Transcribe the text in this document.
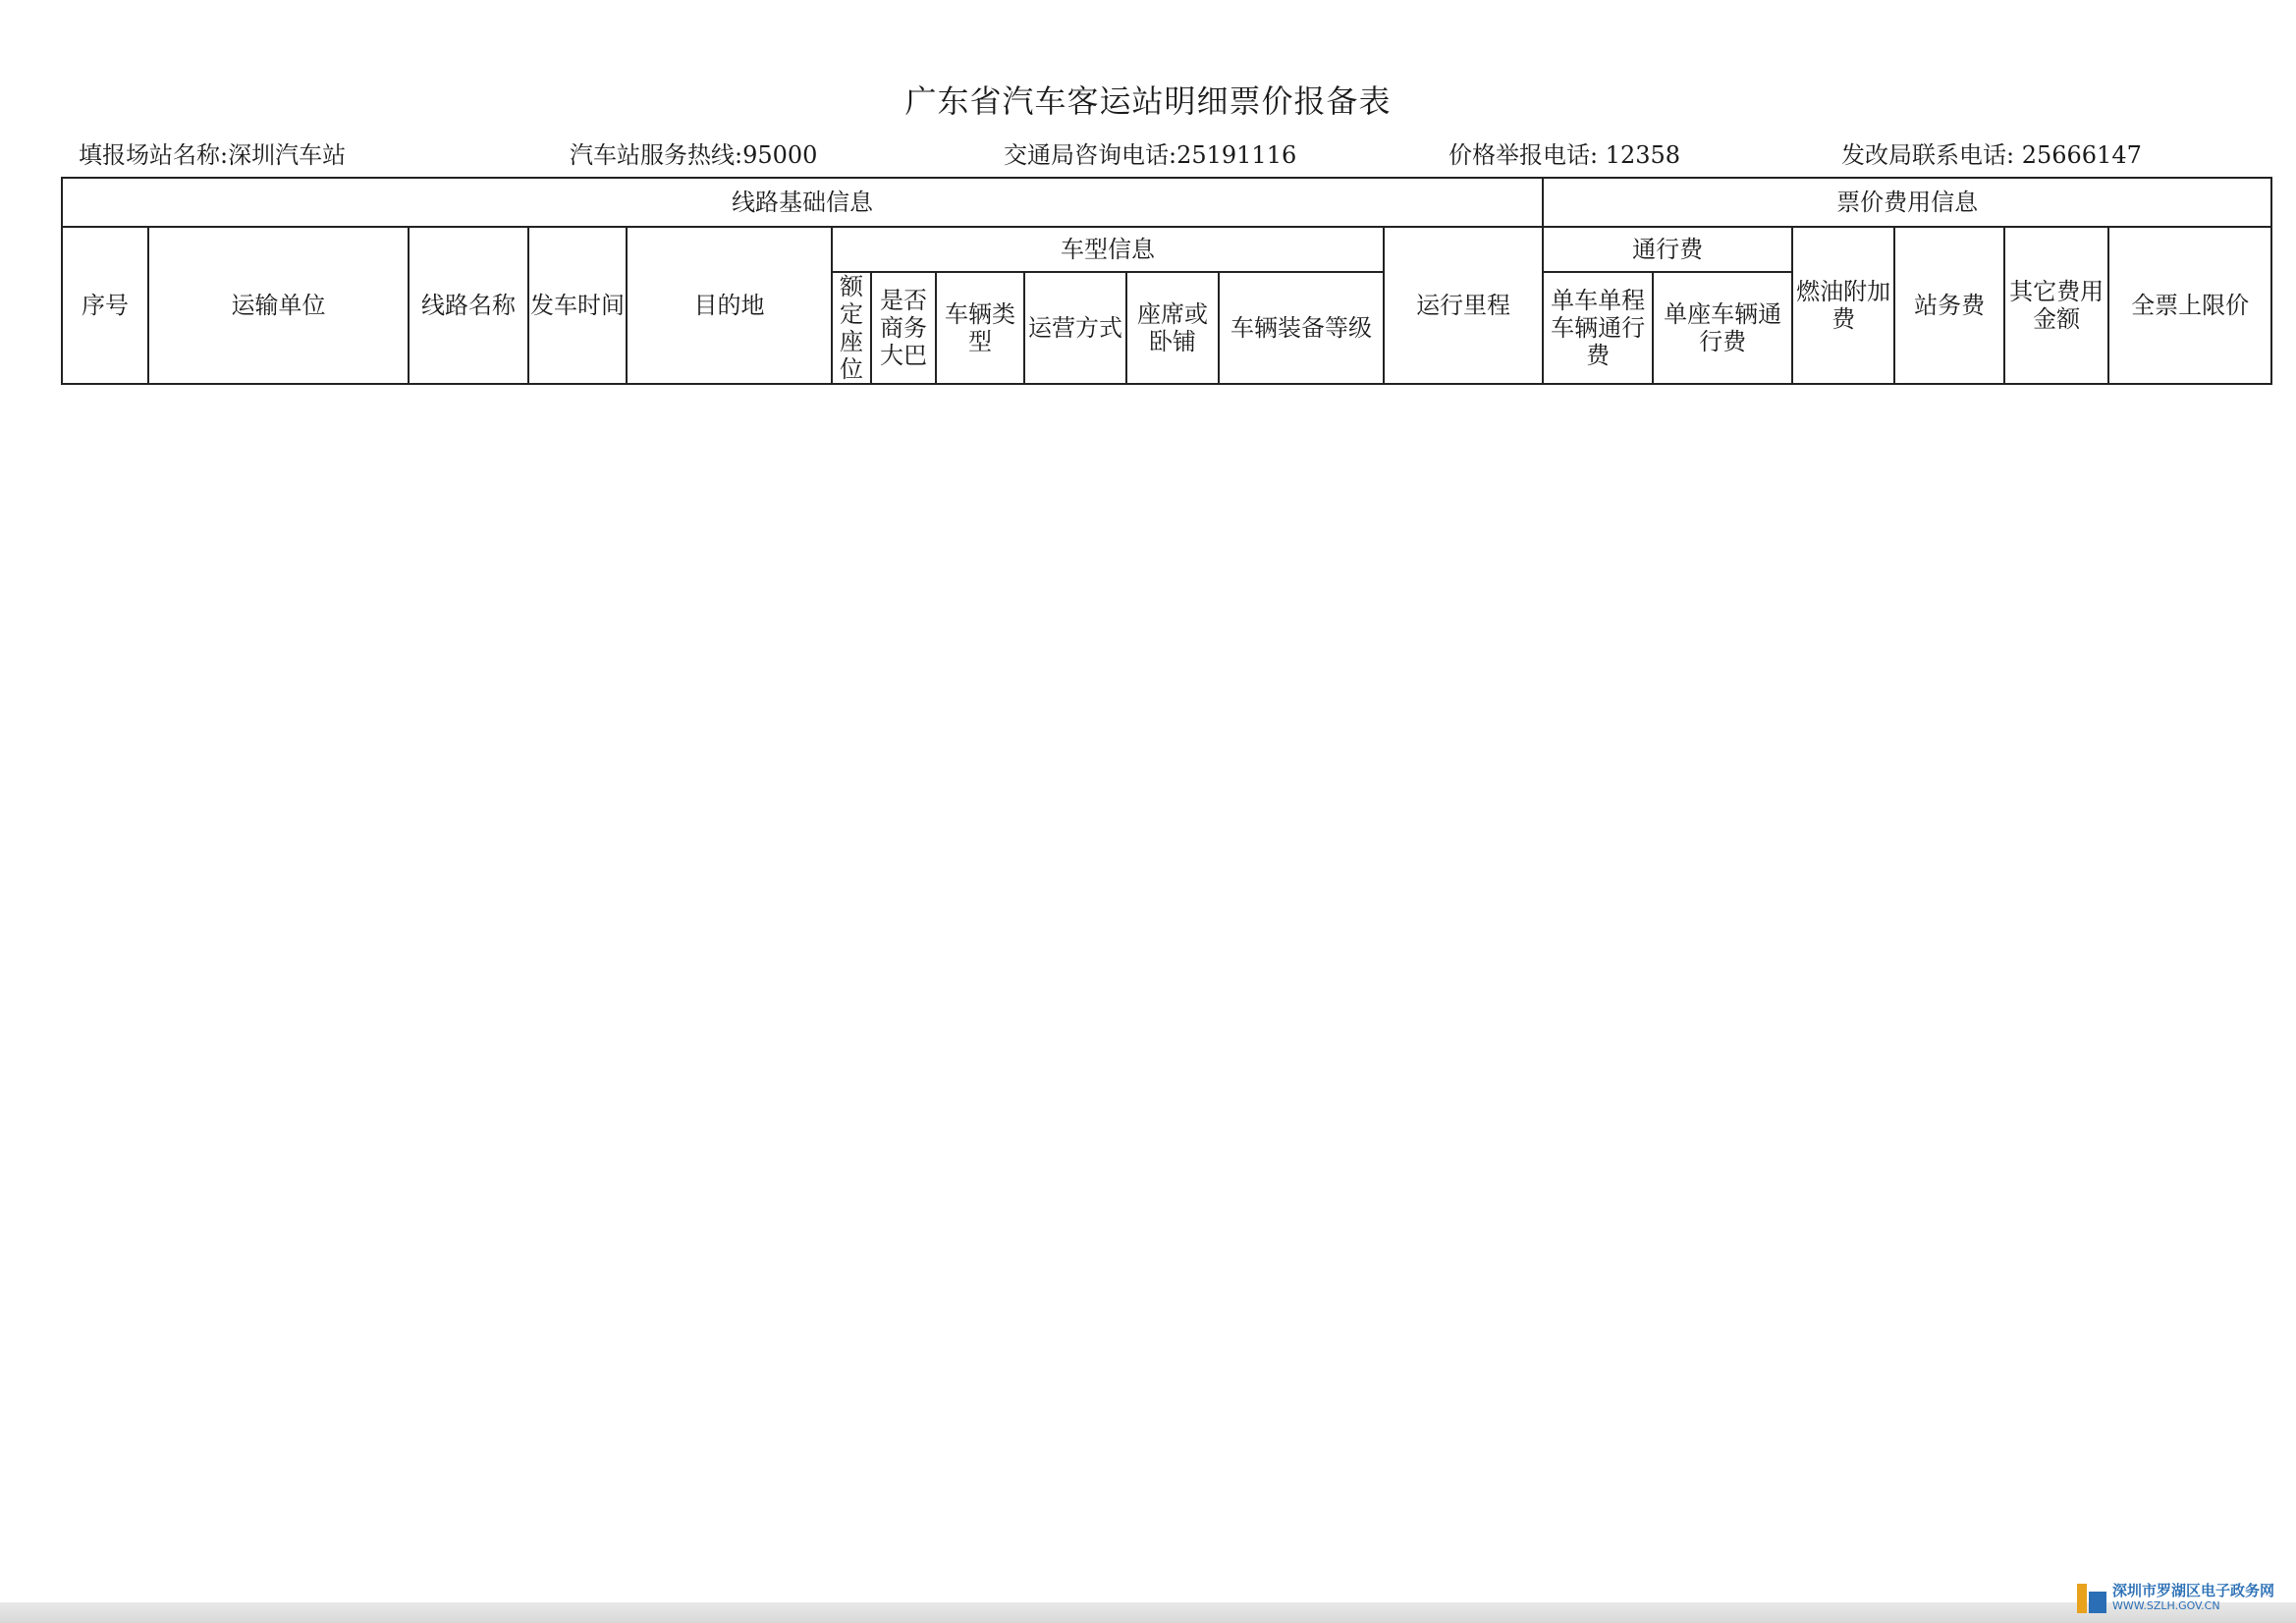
广东省汽车客运站明细票价报备表
填报场站名称:深圳汽车站	汽车站服务热线:95000	交通局咨询电话:25191116	价格举报电话: 12358	发改局联系电话: 25666147
线路基础信息												票价费用信息					
序号	运输单位	线路名称	发车时间	目的地	车型信息						运行里程	通行费		燃油附加费	站务费	其它费用金额	全票上限价
					额定座位	是否商务大巴	车辆类型	运营方式	座席或卧铺	车辆装备等级		单车单程车辆通行费	单座车辆通行费				
深圳市罗湖区电子政务网
WWW.SZLH.GOV.CN
